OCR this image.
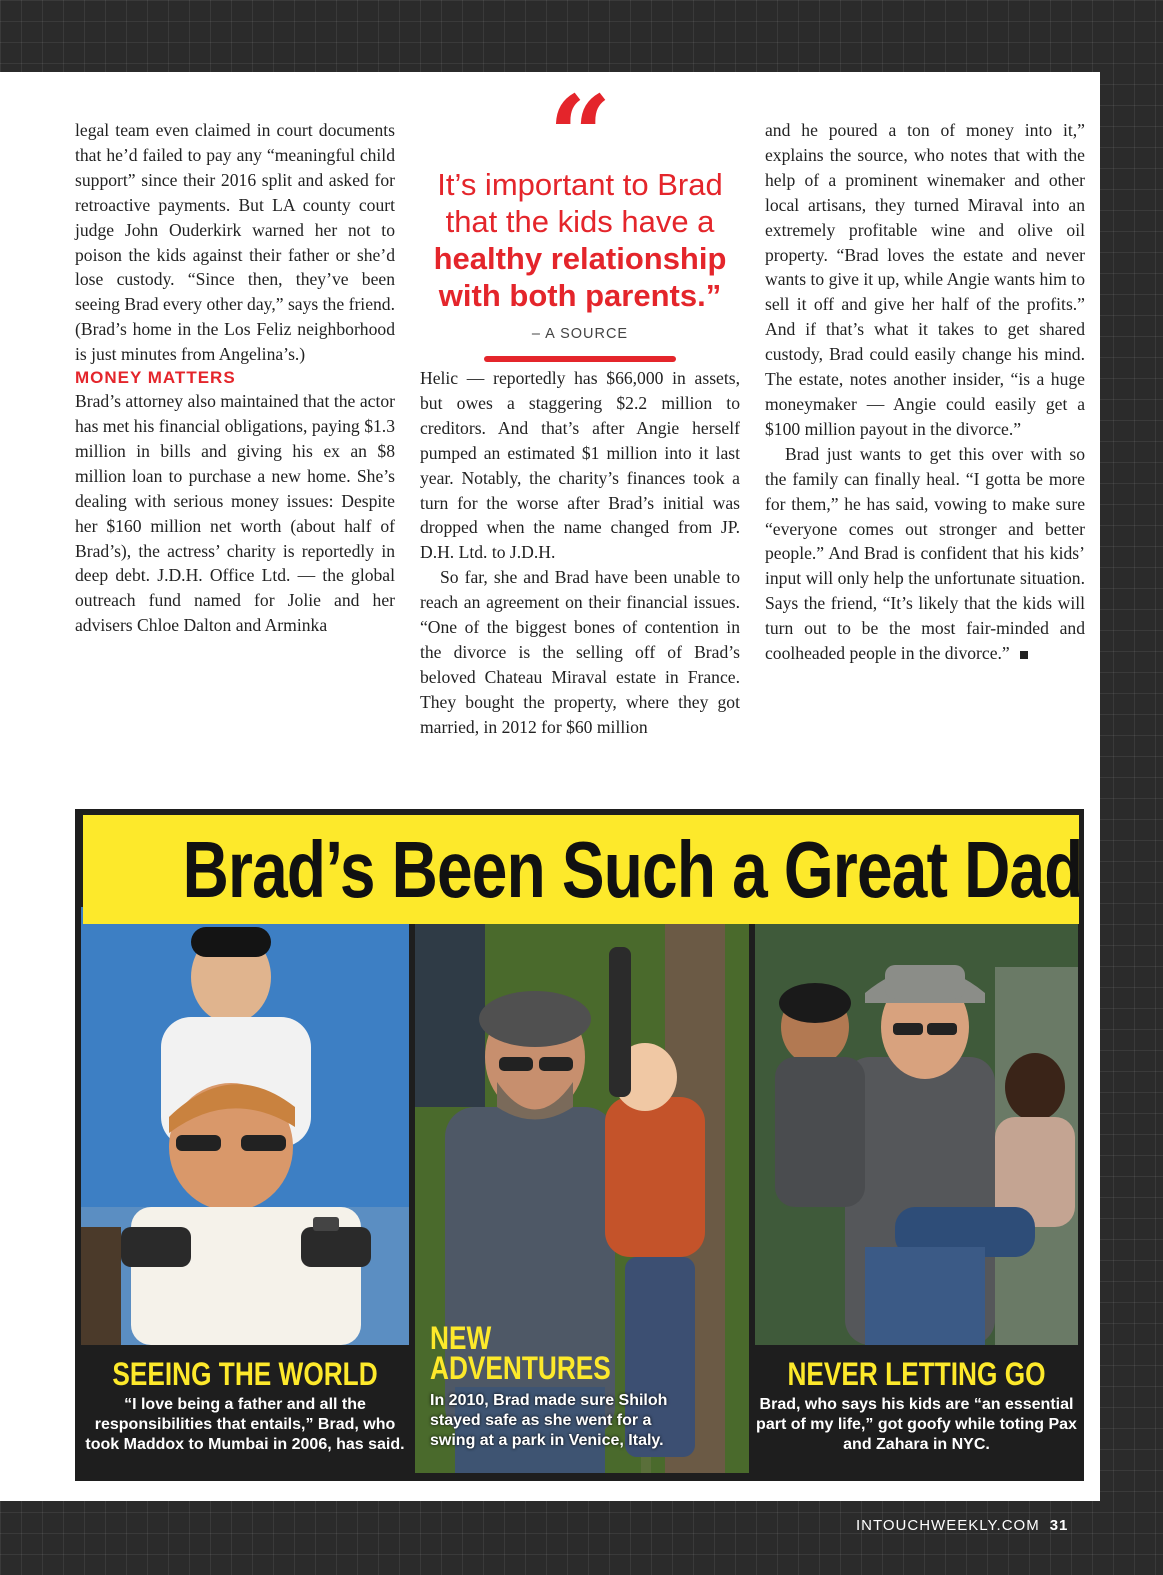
legal team even claimed in court documents that he’d failed to pay any “meaningful child support” since their 2016 split and asked for retroactive payments. But LA county court judge John Ouderkirk warned her not to poison the kids against their father or she’d lose custody. “Since then, they’ve been seeing Brad every other day,” says the friend. (Brad’s home in the Los Feliz neighborhood is just minutes from Angelina’s.)

MONEY MATTERS

Brad’s attorney also maintained that the actor has met his financial obligations, paying $1.3 million in bills and giving his ex an $8 million loan to purchase a new home. She’s dealing with serious money issues: Despite her $160 million net worth (about half of Brad’s), the actress’ charity is reportedly in deep debt. J.D.H. Office Ltd. — the global outreach fund named for Jolie and her advisers Chloe Dalton and Arminka

“
It’s important to Brad that the kids have a healthy relationship with both parents.”
– A SOURCE

Helic — reportedly has $66,000 in assets, but owes a staggering $2.2 million to creditors. And that’s after Angie herself pumped an estimated $1 million into it last year. Notably, the charity’s finances took a turn for the worse after Brad’s initial was dropped when the name changed from JP. D.H. Ltd. to J.D.H.

So far, she and Brad have been unable to reach an agreement on their financial issues. “One of the biggest bones of contention in the divorce is the selling off of Brad’s beloved Chateau Miraval estate in France. They bought the property, where they got married, in 2012 for $60 million

and he poured a ton of money into it,” explains the source, who notes that with the help of a prominent winemaker and other local artisans, they turned Miraval into an extremely profitable wine and olive oil property. “Brad loves the estate and never wants to give it up, while Angie wants him to sell it off and give her half of the profits.” And if that’s what it takes to get shared custody, Brad could easily change his mind. The estate, notes another insider, “is a huge moneymaker — Angie could easily get a $100 million payout in the divorce.”

Brad just wants to get this over with so the family can finally heal. “I gotta be more for them,” he has said, vowing to make sure “everyone comes out stronger and better people.” And Brad is confident that his kids’ input will only help the unfortunate situation. Says the friend, “It’s likely that the kids will turn out to be the most fair-minded and coolheaded people in the divorce.”

Brad’s Been Such a Great Dad
SEEING THE WORLD
“I love being a father and all the responsibilities that entails,” Brad, who took Maddox to Mumbai in 2006, has said.
NEW
ADVENTURES
In 2010, Brad made sure Shiloh stayed safe as she went for a swing at a park in Venice, Italy.
NEVER LETTING GO
Brad, who says his kids are “an essential part of my life,” got goofy while toting Pax and Zahara in NYC.
INTOUCHWEEKLY.COM 31
